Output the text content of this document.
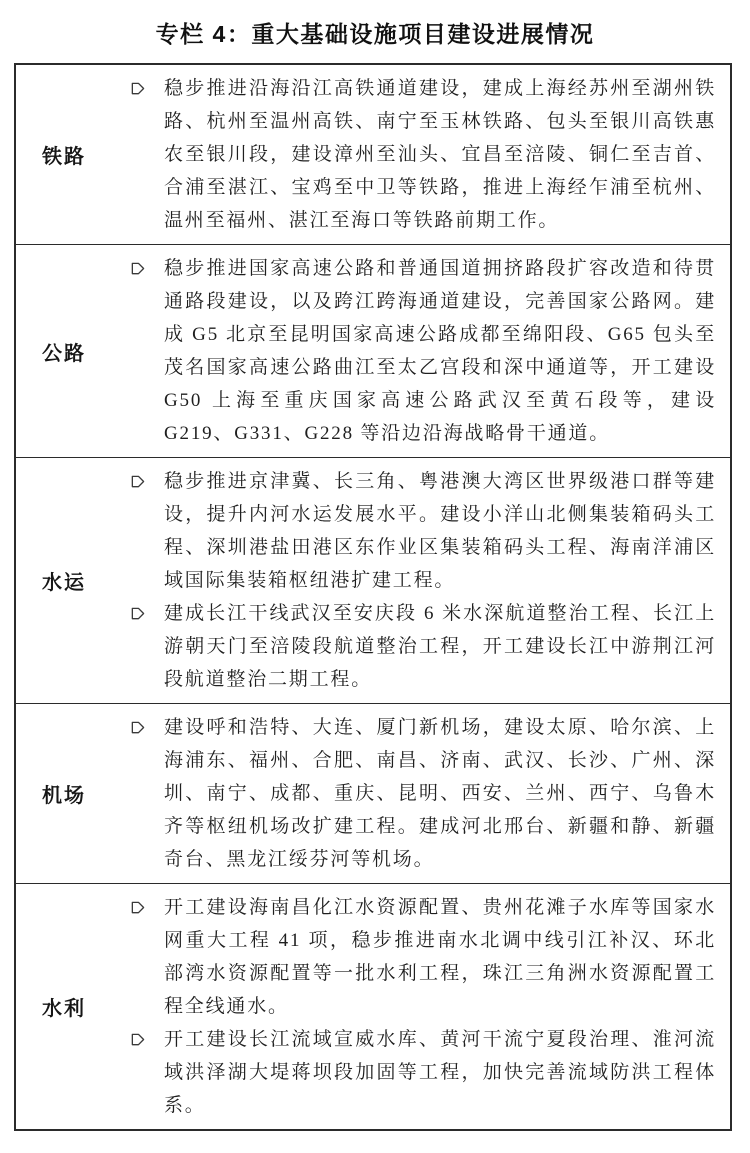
专栏 4：重大基础设施项目建设进展情况
铁路	稳步推进沿海沿江高铁通道建设，建成上海经苏州至湖州铁路、杭州至温州高铁、南宁至玉林铁路、包头至银川高铁惠农至银川段，建设漳州至汕头、宜昌至涪陵、铜仁至吉首、合浦至湛江、宝鸡至中卫等铁路，推进上海经乍浦至杭州、温州至福州、湛江至海口等铁路前期工作。

公路	稳步推进国家高速公路和普通国道拥挤路段扩容改造和待贯通路段建设，以及跨江跨海通道建设，完善国家公路网。建成 G5 北京至昆明国家高速公路成都至绵阳段、G65 包头至茂名国家高速公路曲江至太乙宫段和深中通道等，开工建设 G50 上海至重庆国家高速公路武汉至黄石段等，建设 G219、G331、G228 等沿边沿海战略骨干通道。

水运	稳步推进京津冀、长三角、粤港澳大湾区世界级港口群等建设，提升内河水运发展水平。建设小洋山北侧集装箱码头工程、深圳港盐田港区东作业区集装箱码头工程、海南洋浦区域国际集装箱枢纽港扩建工程。
建成长江干线武汉至安庆段 6 米水深航道整治工程、长江上游朝天门至涪陵段航道整治工程，开工建设长江中游荆江河段航道整治二期工程。

机场	建设呼和浩特、大连、厦门新机场，建设太原、哈尔滨、上海浦东、福州、合肥、南昌、济南、武汉、长沙、广州、深圳、南宁、成都、重庆、昆明、西安、兰州、西宁、乌鲁木齐等枢纽机场改扩建工程。建成河北邢台、新疆和静、新疆奇台、黑龙江绥芬河等机场。

水利	开工建设海南昌化江水资源配置、贵州花滩子水库等国家水网重大工程 41 项，稳步推进南水北调中线引江补汉、环北部湾水资源配置等一批水利工程，珠江三角洲水资源配置工程全线通水。
开工建设长江流域宣威水库、黄河干流宁夏段治理、淮河流域洪泽湖大堤蒋坝段加固等工程，加快完善流域防洪工程体系。
